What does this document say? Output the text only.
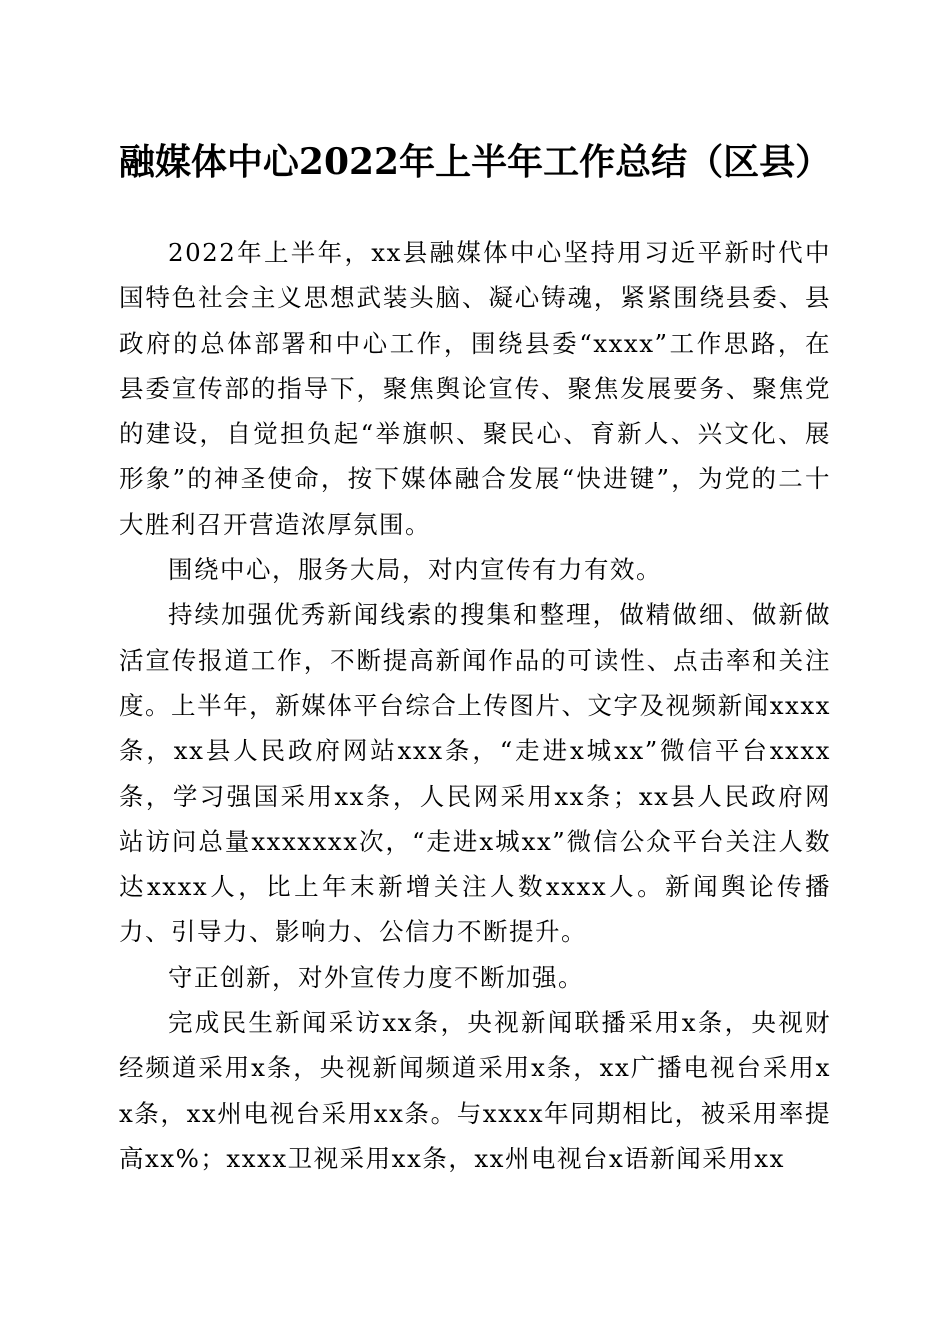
融媒体中心2022年上半年工作总结（区县）

2022年上半年，xx县融媒体中心坚持用习近平新时代中国特色社会主义思想武装头脑、凝心铸魂，紧紧围绕县委、县政府的总体部署和中心工作，围绕县委“xxxx”工作思路，在县委宣传部的指导下，聚焦舆论宣传、聚焦发展要务、聚焦党的建设，自觉担负起“举旗帜、聚民心、育新人、兴文化、展形象”的神圣使命，按下媒体融合发展“快进键”，为党的二十大胜利召开营造浓厚氛围。

围绕中心，服务大局，对内宣传有力有效。

持续加强优秀新闻线索的搜集和整理，做精做细、做新做活宣传报道工作，不断提高新闻作品的可读性、点击率和关注度。上半年，新媒体平台综合上传图片、文字及视频新闻xxxx条，xx县人民政府网站xxx条，“走进x城xx”微信平台xxxx条，学习强国采用xx条，人民网采用xx条；xx县人民政府网站访问总量xxxxxxx次，“走进x城xx”微信公众平台关注人数达xxxx人，比上年末新增关注人数xxxx人。新闻舆论传播力、引导力、影响力、公信力不断提升。

守正创新，对外宣传力度不断加强。

完成民生新闻采访xx条，央视新闻联播采用x条，央视财经频道采用x条，央视新闻频道采用x条，xx广播电视台采用xx条，xx州电视台采用xx条。与xxxx年同期相比，被采用率提高xx%；xxxx卫视采用xx条，xx州电视台x语新闻采用xx
